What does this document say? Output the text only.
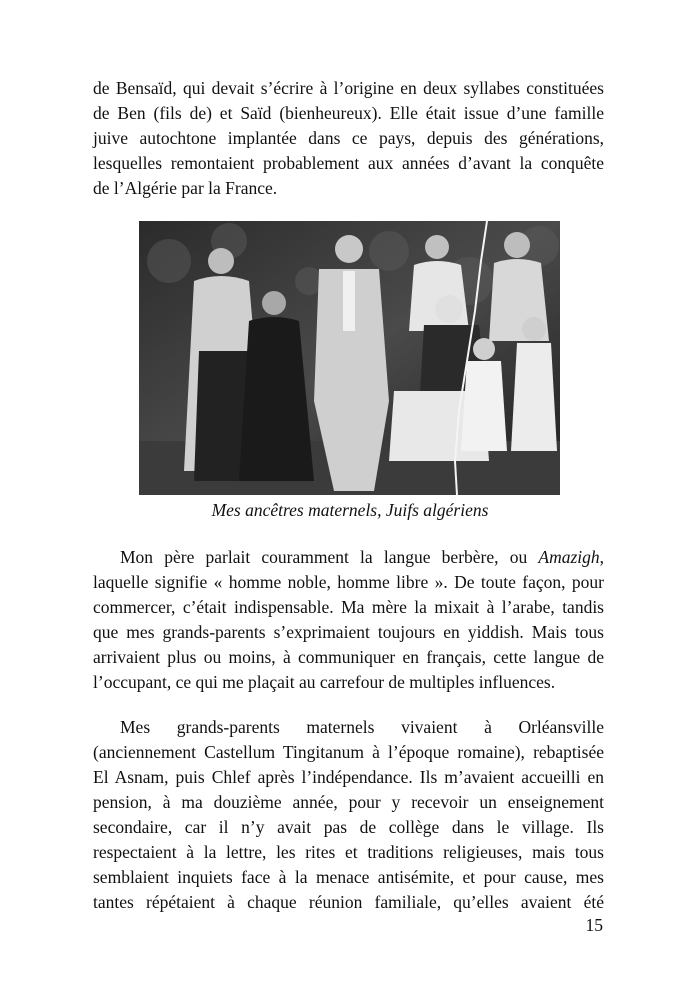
de Bensaïd, qui devait s’écrire à l’origine en deux syllabes constituées
de Ben (fils de) et Saïd (bienheureux). Elle était issue d’une famille
juive autochtone implantée dans ce pays, depuis des générations,
lesquelles remontaient probablement aux années d’avant la conquête
de l’Algérie par la France.
Mes ancêtres maternels, Juifs algériens
Mon père parlait couramment la langue berbère, ou Amazigh,
laquelle signifie « homme noble, homme libre ». De toute façon, pour
commercer, c’était indispensable. Ma mère la mixait à l’arabe, tandis
que mes grands-parents s’exprimaient toujours en yiddish. Mais tous
arrivaient plus ou moins, à communiquer en français, cette langue de
l’occupant, ce qui me plaçait au carrefour de multiples influences.
Mes grands-parents maternels vivaient à Orléansville
(anciennement Castellum Tingitanum à l’époque romaine), rebaptisée
El Asnam, puis Chlef après l’indépendance. Ils m’avaient accueilli en
pension, à ma douzième année, pour y recevoir un enseignement
secondaire, car il n’y avait pas de collège dans le village. Ils
respectaient à la lettre, les rites et traditions religieuses, mais tous
semblaient inquiets face à la menace antisémite, et pour cause, mes
tantes répétaient à chaque réunion familiale, qu’elles avaient été
15
